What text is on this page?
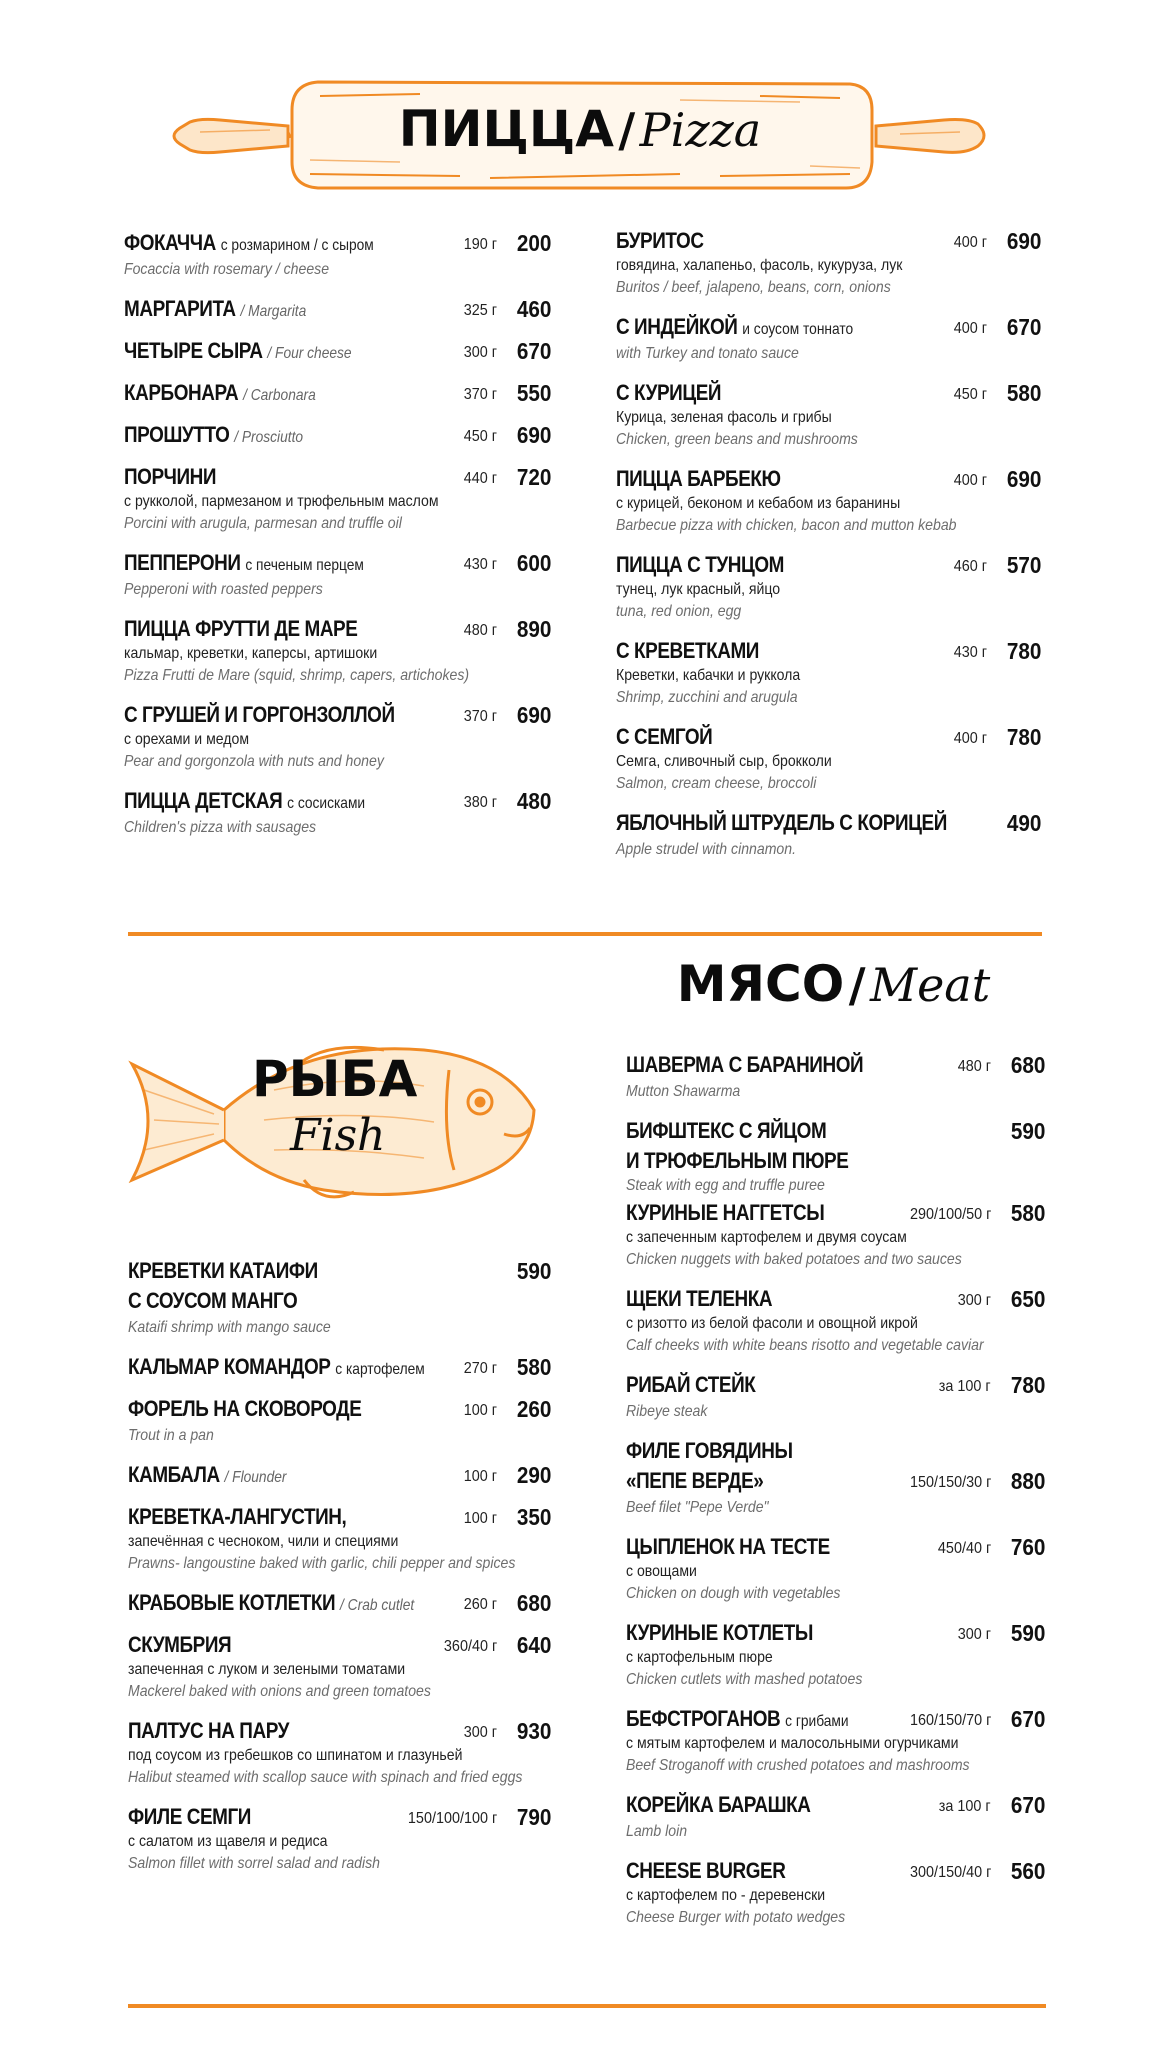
ПИЦЦА / Pizza
ФОКАЧЧА с розмарином / с сыром	190 г 200
Focaccia with rosemary / cheese
МАРГАРИТА / Margarita	325 г 460
ЧЕТЫРЕ СЫРА / Four cheese	300 г 670
КАРБОНАРА / Carbonara	370 г 550
ПРОШУТТО / Prosciutto	450 г 690
ПОРЧИНИ	440 г 720
с рукколой, пармезаном и трюфельным маслом
Porcini with arugula, parmesan and truffle oil
ПЕППЕРОНИ с печеным перцем	430 г 600
Pepperoni with roasted peppers
ПИЦЦА ФРУТТИ ДЕ МАРЕ	480 г 890
кальмар, креветки, каперсы, артишоки
Pizza Frutti de Mare (squid, shrimp, capers, artichokes)
С ГРУШЕЙ И ГОРГОНЗОЛЛОЙ	370 г 690
с орехами и медом
Pear and gorgonzola with nuts and honey
ПИЦЦА ДЕТСКАЯ с сосисками	380 г 480
Children's pizza with sausages
БУРИТОС	400 г 690
говядина, халапеньо, фасоль, кукуруза, лук
Buritos / beef, jalapeno, beans, corn, onions
С ИНДЕЙКОЙ и соусом тоннато	400 г 670
with Turkey and tonato sauce
С КУРИЦЕЙ	450 г 580
Курица, зеленая фасоль и грибы
Chicken, green beans and mushrooms
ПИЦЦА БАРБЕКЮ	400 г 690
с курицей, беконом и кебабом из баранины
Barbecue pizza with chicken, bacon and mutton kebab
ПИЦЦА С ТУНЦОМ	460 г 570
тунец, лук красный, яйцо
tuna, red onion, egg
С КРЕВЕТКАМИ	430 г 780
Креветки, кабачки и руккола
Shrimp, zucchini and arugula
С СЕМГОЙ	400 г 780
Семга, сливочный сыр, брокколи
Salmon, cream cheese, broccoli
ЯБЛОЧНЫЙ ШТРУДЕЛЬ С КОРИЦЕЙ	490
Apple strudel with cinnamon.
РЫБА
Fish
КРЕВЕТКИ КАТАИФИ	590
С СОУСОМ МАНГО
Kataifi shrimp with mango sauce
КАЛЬМАР КОМАНДОР с картофелем 270 г 580
ФОРЕЛЬ НА СКОВОРОДЕ	100 г 260
Trout in a pan
КАМБАЛА / Flounder	100 г 290
КРЕВЕТКА-ЛАНГУСТИН,	100 г 350
запечённая с чесноком, чили и специями
Prawns- langoustine baked with garlic, chili pepper and spices
КРАБОВЫЕ КОТЛЕТКИ / Crab cutlet	260 г 680
СКУМБРИЯ	360/40 г 640
запеченная с луком и зелеными томатами
Mackerel baked with onions and green tomatoes
ПАЛТУС НА ПАРУ	300 г 930
под соусом из гребешков со шпинатом и глазуньей
Halibut steamed with scallop sauce with spinach and fried eggs
ФИЛЕ СЕМГИ	150/100/100 г 790
с салатом из щавеля и редиса
Salmon fillet with sorrel salad and radish
МЯСО / Meat
ШАВЕРМА С БАРАНИНОЙ	480 г 680
Mutton Shawarma
БИФШТЕКС С ЯЙЦОМ	590
И ТРЮФЕЛЬНЫМ ПЮРЕ
Steak with egg and truffle puree
КУРИНЫЕ НАГГЕТСЫ	290/100/50 г 580
с запеченным картофелем и двумя соусам
Chicken nuggets with baked potatoes and two sauces
ЩЕКИ ТЕЛЕНКА	300 г 650
с ризотто из белой фасоли и овощной икрой
Calf cheeks with white beans risotto and vegetable caviar
РИБАЙ СТЕЙК	за 100 г 780
Ribeye steak
ФИЛЕ ГОВЯДИНЫ
«ПЕПЕ ВЕРДЕ»	150/150/30 г 880
Beef filet "Pepe Verde"
ЦЫПЛЕНОК НА ТЕСТЕ	450/40 г 760
с овощами
Chicken on dough with vegetables
КУРИНЫЕ КОТЛЕТЫ	300 г 590
с картофельным пюре
Chicken cutlets with mashed potatoes
БЕФСТРОГАНОВ с грибами	160/150/70 г 670
с мятым картофелем и малосольными огурчиками
Beef Stroganoff with crushed potatoes and mashrooms
КОРЕЙКА БАРАШКА	за 100 г 670
Lamb loin
CHEESE BURGER	300/150/40 г 560
с картофелем по - деревенски
Cheese Burger with potato wedges
